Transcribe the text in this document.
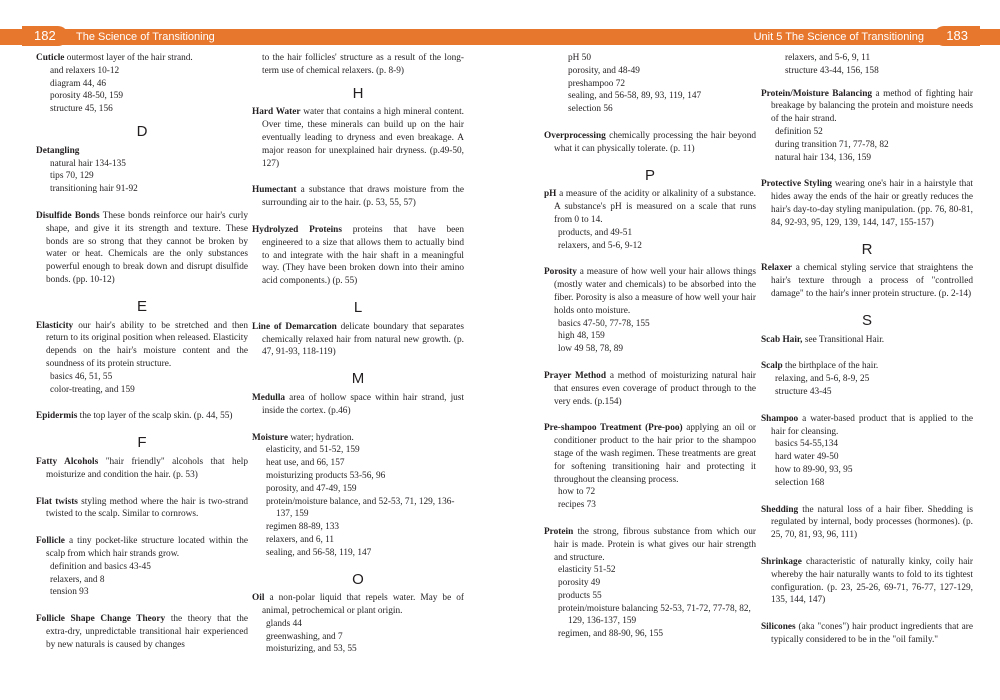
182	The Science of Transitioning	Unit 5 The Science of Transitioning	183
Cuticle outermost layer of the hair strand.
and relaxers 10-12
diagram 44, 46
porosity 48-50, 159
structure 45, 156
D
Detangling
natural hair 134-135
tips 70, 129
transitioning hair 91-92
Disulfide Bonds These bonds reinforce our hair's curly shape, and give it its strength and texture. These bonds are so strong that they cannot be broken by water or heat. Chemicals are the only substances powerful enough to break down and disrupt disulfide bonds. (pp. 10-12)
E
Elasticity our hair's ability to be stretched and then return to its original position when released. Elasticity depends on the hair's moisture content and the soundness of its protein structure.
basics 46, 51, 55
color-treating, and 159
Epidermis the top layer of the scalp skin. (p. 44, 55)
F
Fatty Alcohols "hair friendly" alcohols that help moisturize and condition the hair. (p. 53)
Flat twists styling method where the hair is two-strand twisted to the scalp. Similar to cornrows.
Follicle a tiny pocket-like structure located within the scalp from which hair strands grow.
definition and basics 43-45
relaxers, and 8
tension 93
Follicle Shape Change Theory the theory that the extra-dry, unpredictable transitional hair experienced by new naturals is caused by changes
to the hair follicles' structure as a result of the long-term use of chemical relaxers. (p. 8-9)
H
Hard Water water that contains a high mineral content. Over time, these minerals can build up on the hair eventually leading to dryness and even breakage. A major reason for unexplained hair dryness. (p.49-50, 127)
Humectant a substance that draws moisture from the surrounding air to the hair. (p. 53, 55, 57)
Hydrolyzed Proteins proteins that have been engineered to a size that allows them to actually bind to and integrate with the hair shaft in a meaningful way. (They have been broken down into their amino acid components.) (p. 55)
L
Line of Demarcation delicate boundary that separates chemically relaxed hair from natural new growth. (p. 47, 91-93, 118-119)
M
Medulla area of hollow space within hair strand, just inside the cortex. (p.46)
Moisture water; hydration.
elasticity, and 51-52, 159
heat use, and 66, 157
moisturizing products 53-56, 96
porosity, and 47-49, 159
protein/moisture balance, and 52-53, 71, 129, 136-137, 159
regimen 88-89, 133
relaxers, and 6, 11
sealing, and 56-58, 119, 147
O
Oil a non-polar liquid that repels water. May be of animal, petrochemical or plant origin.
glands 44
greenwashing, and 7
moisturizing, and 53, 55
pH 50
porosity, and 48-49
preshampoo 72
sealing, and 56-58, 89, 93, 119, 147
selection 56
Overprocessing chemically processing the hair beyond what it can physically tolerate. (p. 11)
P
pH a measure of the acidity or alkalinity of a substance. A substance's pH is measured on a scale that runs from 0 to 14.
products, and 49-51
relaxers, and 5-6, 9-12
Porosity a measure of how well your hair allows things (mostly water and chemicals) to be absorbed into the fiber. Porosity is also a measure of how well your hair holds onto moisture.
basics 47-50, 77-78, 155
high 48, 159
low 49 58, 78, 89
Prayer Method a method of moisturizing natural hair that ensures even coverage of product through to the very ends. (p.154)
Pre-shampoo Treatment (Pre-poo) applying an oil or conditioner product to the hair prior to the shampoo stage of the wash regimen. These treatments are great for softening transitioning hair and protecting it throughout the cleansing process.
how to 72
recipes 73
Protein the strong, fibrous substance from which our hair is made. Protein is what gives our hair strength and structure.
elasticity 51-52
porosity 49
products 55
protein/moisture balancing 52-53, 71-72, 77-78, 82, 129, 136-137, 159
regimen, and 88-90, 96, 155
relaxers, and 5-6, 9, 11
structure 43-44, 156, 158
Protein/Moisture Balancing a method of fighting hair breakage by balancing the protein and moisture needs of the hair strand.
definition 52
during transition 71, 77-78, 82
natural hair 134, 136, 159
Protective Styling wearing one's hair in a hairstyle that hides away the ends of the hair or greatly reduces the hair's day-to-day styling manipulation. (pp. 76, 80-81, 84, 92-93, 95, 129, 139, 144, 147, 155-157)
R
Relaxer a chemical styling service that straightens the hair's texture through a process of "controlled damage" to the hair's inner protein structure. (p. 2-14)
S
Scab Hair, see Transitional Hair.
Scalp the birthplace of the hair.
relaxing, and 5-6, 8-9, 25
structure 43-45
Shampoo a water-based product that is applied to the hair for cleansing.
basics 54-55,134
hard water 49-50
how to 89-90, 93, 95
selection 168
Shedding the natural loss of a hair fiber. Shedding is regulated by internal, body processes (hormones). (p. 25, 70, 81, 93, 96, 111)
Shrinkage characteristic of naturally kinky, coily hair whereby the hair naturally wants to fold to its tightest configuration. (p. 23, 25-26, 69-71, 76-77, 127-129, 135, 144, 147)
Silicones (aka "cones") hair product ingredients that are typically considered to be in the "oil family."
